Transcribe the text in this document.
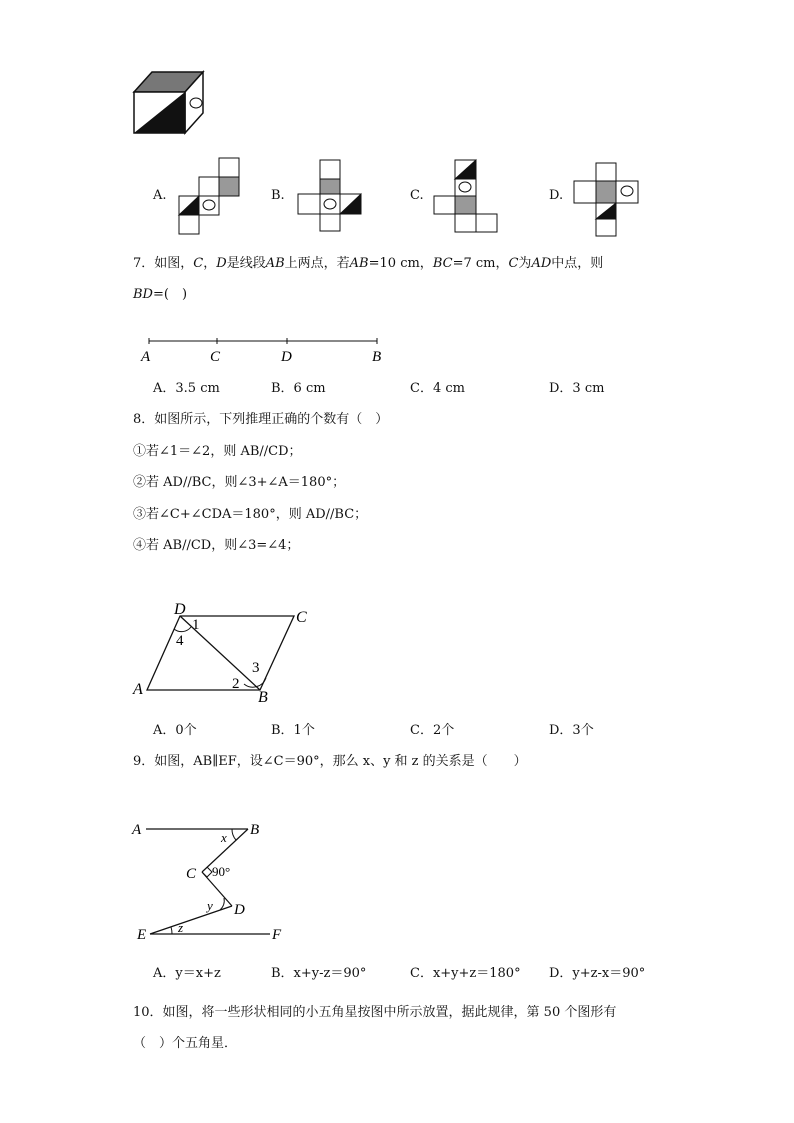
A.	B.	C.	D.
7．如图，C，D是线段AB上两点，若AB=10 cm，BC=7 cm，C为AD中点，则
BD=(　)
A	C	D	B
A．3.5 cm	B．6 cm	C．4 cm	D．3 cm
8．如图所示，下列推理正确的个数有（　）
①若∠1＝∠2，则 AB//CD；
②若 AD//BC，则∠3+∠A＝180°；
③若∠C+∠CDA＝180°，则 AD//BC；
④若 AB//CD，则∠3=∠4；
D	C
A	B
1
4
2
3
A．0个	B．1个	C．2个	D．3个
9．如图，AB∥EF，设∠C＝90°，那么 x、y 和 z 的关系是（　　）
A	B
C
D
E	F
x
y
z
90°
A．y＝x+z	B．x+y-z＝90°	C．x+y+z＝180° D．y+z-x＝90°
10．如图，将一些形状相同的小五角星按图中所示放置，据此规律，第 50 个图形有
（　）个五角星．
